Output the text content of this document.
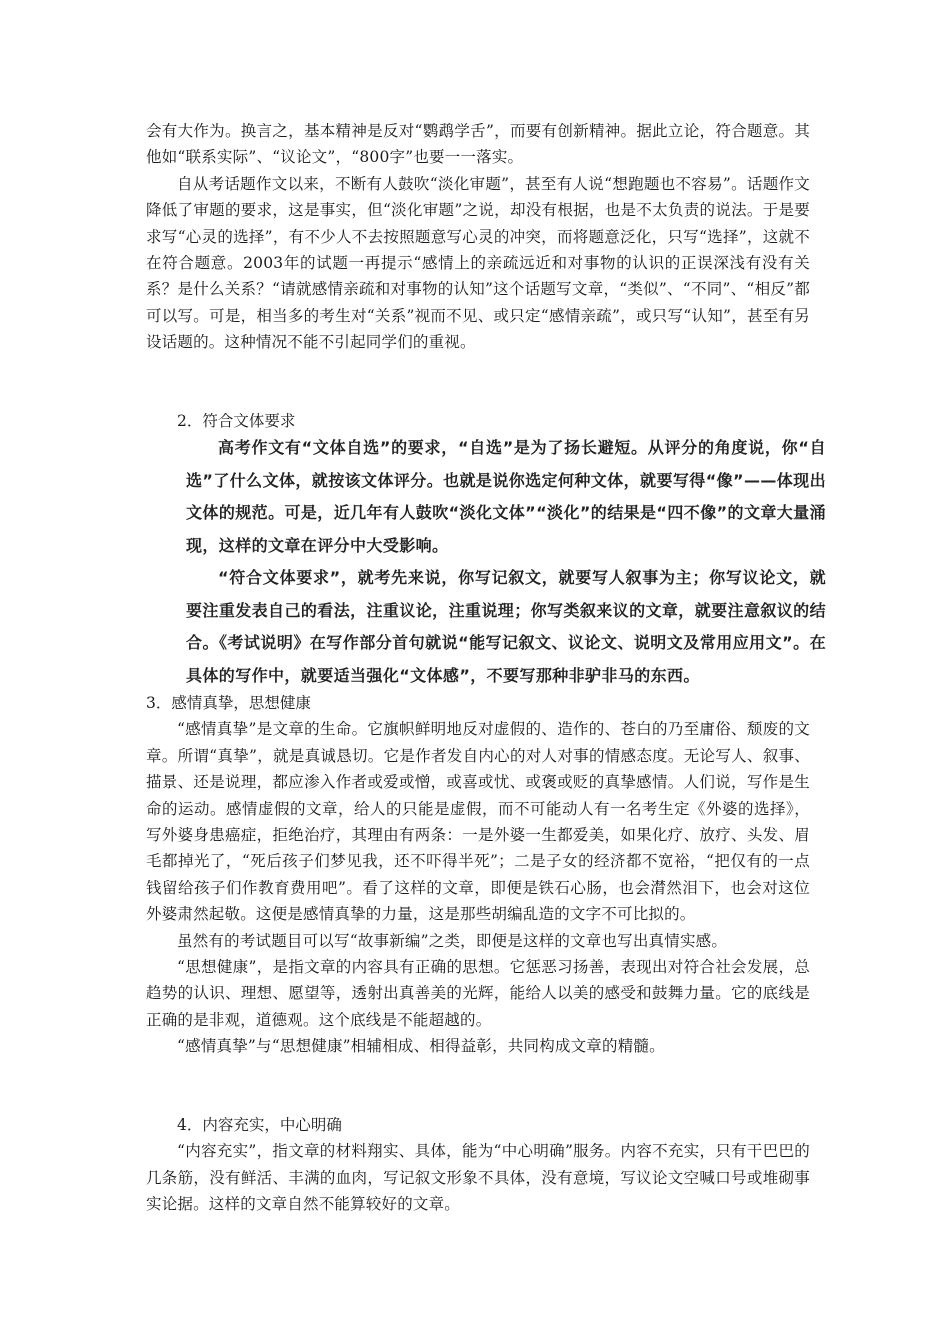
会有大作为。换言之，基本精神是反对“鹦鹉学舌”，而要有创新精神。据此立论，符合题意。其他如“联系实际”、“议论文”，“800字”也要一一落实。

自从考话题作文以来，不断有人鼓吹“淡化审题”，甚至有人说“想跑题也不容易”。话题作文降低了审题的要求，这是事实，但“淡化审题”之说，却没有根据，也是不太负责的说法。于是要求写“心灵的选择”，有不少人不去按照题意写心灵的冲突，而将题意泛化，只写“选择”，这就不在符合题意。2003年的试题一再提示“感情上的亲疏远近和对事物的认识的正误深浅有没有关系？是什么关系？“请就感情亲疏和对事物的认知”这个话题写文章，“类似”、“不同”、“相反”都可以写。可是，相当多的考生对“关系”视而不见、或只定“感情亲疏”，或只写“认知”，甚至有另设话题的。这种情况不能不引起同学们的重视。

2．符合文体要求

高考作文有“文体自选”的要求，“自选”是为了扬长避短。从评分的角度说，你“自选”了什么文体，就按该文体评分。也就是说你选定何种文体，就要写得“像”——体现出文体的规范。可是，近几年有人鼓吹“淡化文体”“淡化”的结果是“四不像”的文章大量涌现，这样的文章在评分中大受影响。

“符合文体要求”，就考先来说，你写记叙文，就要写人叙事为主；你写议论文，就要注重发表自己的看法，注重议论，注重说理；你写类叙来议的文章，就要注意叙议的结合。《考试说明》在写作部分首句就说“能写记叙文、议论文、说明文及常用应用文”。在具体的写作中，就要适当强化“文体感”，不要写那种非驴非马的东西。

3．感情真挚，思想健康

“感情真挚”是文章的生命。它旗帜鲜明地反对虚假的、造作的、苍白的乃至庸俗、颓废的文章。所谓“真挚”，就是真诚恳切。它是作者发自内心的对人对事的情感态度。无论写人、叙事、描景、还是说理，都应渗入作者或爱或憎，或喜或忧、或褒或贬的真挚感情。人们说，写作是生命的运动。感情虚假的文章，给人的只能是虚假，而不可能动人有一名考生定《外婆的选择》，写外婆身患癌症，拒绝治疗，其理由有两条：一是外婆一生都爱美，如果化疗、放疗、头发、眉毛都掉光了，“死后孩子们梦见我，还不吓得半死”；二是子女的经济都不宽裕，“把仅有的一点钱留给孩子们作教育费用吧”。看了这样的文章，即便是铁石心肠，也会潸然泪下，也会对这位外婆肃然起敬。这便是感情真挚的力量，这是那些胡编乱造的文字不可比拟的。

虽然有的考试题目可以写“故事新编”之类，即便是这样的文章也写出真情实感。

“思想健康”，是指文章的内容具有正确的思想。它惩恶习扬善，表现出对符合社会发展，总趋势的认识、理想、愿望等，透射出真善美的光辉，能给人以美的感受和鼓舞力量。它的底线是正确的是非观，道德观。这个底线是不能超越的。

“感情真挚”与“思想健康”相辅相成、相得益彰，共同构成文章的精髓。

4．内容充实，中心明确

“内容充实”，指文章的材料翔实、具体，能为“中心明确”服务。内容不充实，只有干巴巴的几条筋，没有鲜活、丰满的血肉，写记叙文形象不具体，没有意境，写议论文空喊口号或堆砌事实论据。这样的文章自然不能算较好的文章。
